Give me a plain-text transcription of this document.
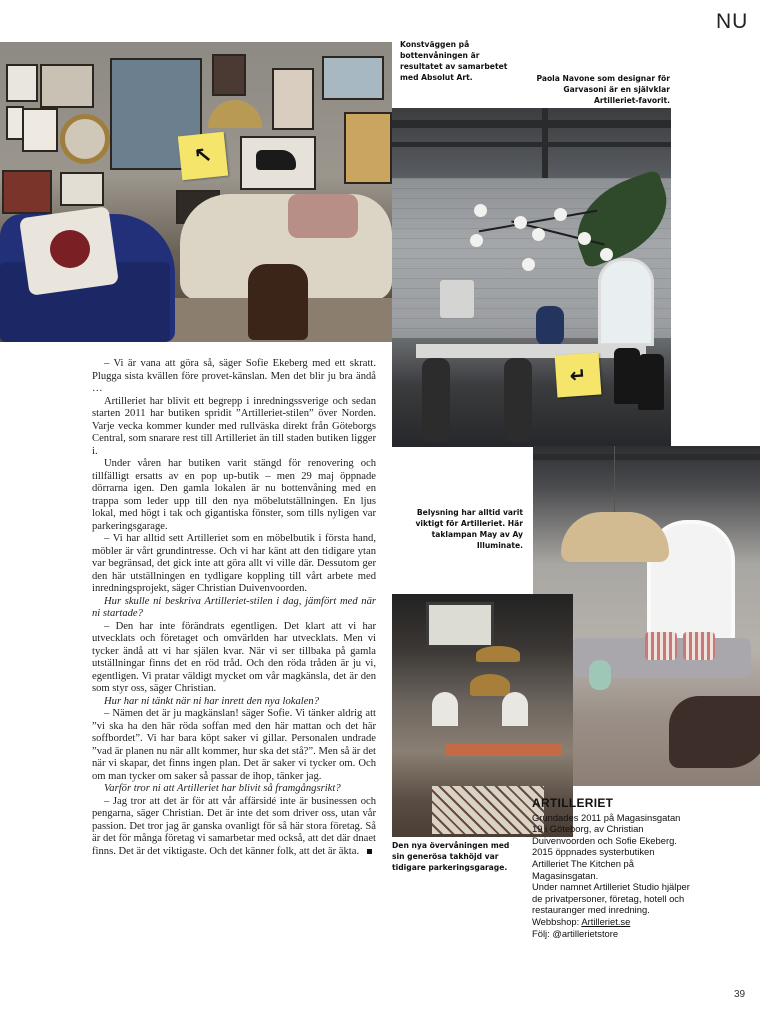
NU
↖
Konstväggen på bottenvåningen är resultatet av samarbetet med Absolut Art.	Paola Navone som designar för Garvasoni är en självklar Artilleriet-favorit.
↵

– Vi är vana att göra så, säger Sofie Ekeberg med ett skratt. Plugga sista kvällen före provet-känslan. Men det blir ju bra ändå …

Artilleriet har blivit ett begrepp i inredningssverige och sedan starten 2011 har butiken spridit ”Artilleriet-stilen” över Norden. Varje vecka kommer kunder med rullväska direkt från Göteborgs Central, som snarare rest till Artilleriet än till staden butiken ligger i.

Under våren har butiken varit stängd för renovering och tillfälligt ersatts av en pop up-butik – men 29 maj öppnade dörrarna igen. Den gamla lokalen är nu bottenvåning med en trappa som leder upp till den nya möbelutställningen. En ljus lokal, med högt i tak och gigantiska fönster, som tills nyligen var parkeringsgarage.

– Vi har alltid sett Artilleriet som en möbelbutik i första hand, möbler är vårt grundintresse. Och vi har känt att den tidigare ytan var begränsad, det gick inte att göra allt vi ville där. Dessutom ger den här utställningen en tydligare koppling till vårt arbete med inredningsprojekt, säger Christian Duivenvoorden.

Hur skulle ni beskriva Artilleriet-stilen i dag, jämfört med när ni startade?

– Den har inte förändrats egentligen. Det klart att vi har utvecklats och företaget och omvärlden har utvecklats. Men vi tycker ändå att vi har själen kvar. När vi ser tillbaka på gamla utställningar finns det en röd tråd. Och den röda tråden är ju vi, egentligen. Vi pratar väldigt mycket om vår magkänsla, det är den som styr oss, säger Christian.

Hur har ni tänkt när ni har inrett den nya lokalen?

– Nämen det är ju magkänslan! säger Sofie. Vi tänker aldrig att ”vi ska ha den här röda soffan med den här mattan och det här soffbordet”. Vi har bara köpt saker vi gillar. Personalen undrade ”vad är planen nu när allt kommer, hur ska det stå?”. Men så är det när vi skapar, det finns ingen plan. Det är saker vi tycker om. Och om man tycker om saker så passar de ihop, tänker jag.

Varför tror ni att Artilleriet har blivit så framgångsrikt?

– Jag tror att det är för att vår affärsidé inte är businessen och pengarna, säger Christian. Det är inte det som driver oss, utan vår passion. Det tror jag är ganska ovanligt för så här stora företag. Så är det för många företag vi samarbetar med också, att det där dnaet finns. Det är det viktigaste. Och det känner folk, att det är äkta.

Belysning har alltid varit viktigt för Artilleriet. Här taklampan May av Ay Illuminate.
Den nya övervåningen med sin generösa takhöjd var tidigare parkeringsgarage.
ARTILLERIET
Grundades 2011 på Magasinsgatan 19 i Göteborg, av Christian Duivenvoorden och Sofie Ekeberg.
2015 öppnades systerbutiken Artilleriet The Kitchen på Magasinsgatan.
Under namnet Artilleriet Studio hjälper de privatpersoner, företag, hotell och restauranger med inredning.
Webbshop: Artilleriet.se
Följ: @artillerietstore
39
